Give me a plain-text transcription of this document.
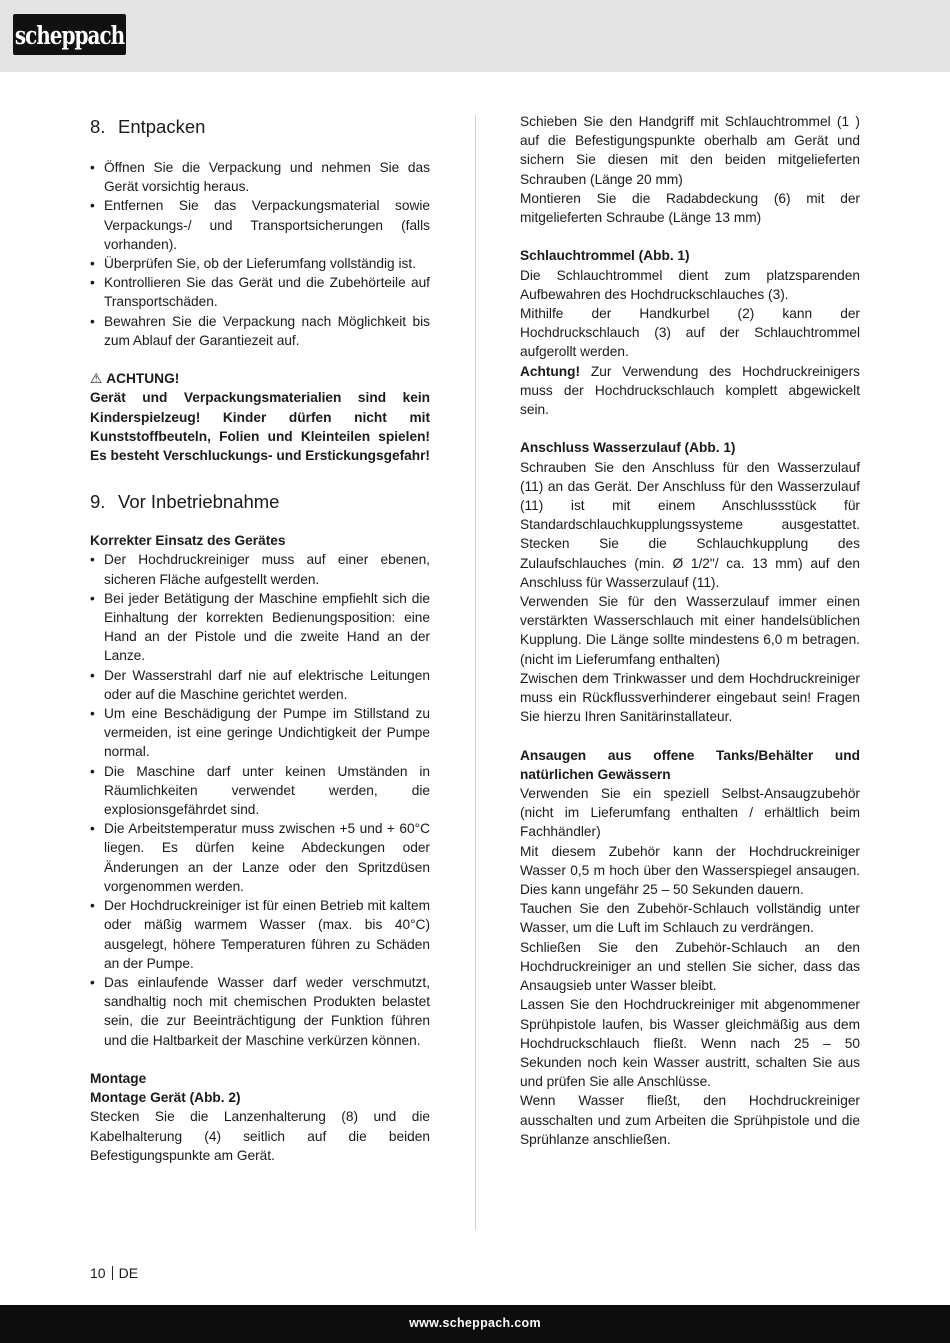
scheppach
8. Entpacken
• Öffnen Sie die Verpackung und nehmen Sie das Gerät vorsichtig heraus.
• Entfernen Sie das Verpackungsmaterial sowie Verpackungs-/ und Transportsicherungen (falls vorhanden).
• Überprüfen Sie, ob der Lieferumfang vollständig ist.
• Kontrollieren Sie das Gerät und die Zubehörteile auf Transportschäden.
• Bewahren Sie die Verpackung nach Möglichkeit bis zum Ablauf der Garantiezeit auf.

⚠ ACHTUNG!

Gerät und Verpackungsmaterialien sind kein Kinderspielzeug! Kinder dürfen nicht mit Kunststoffbeuteln, Folien und Kleinteilen spielen! Es besteht Verschluckungs- und Erstickungsgefahr!

9. Vor Inbetriebnahme

Korrekter Einsatz des Gerätes

• Der Hochdruckreiniger muss auf einer ebenen, sicheren Fläche aufgestellt werden.
• Bei jeder Betätigung der Maschine empfiehlt sich die Einhaltung der korrekten Bedienungsposition: eine Hand an der Pistole und die zweite Hand an der Lanze.
• Der Wasserstrahl darf nie auf elektrische Leitungen oder auf die Maschine gerichtet werden.
• Um eine Beschädigung der Pumpe im Stillstand zu vermeiden, ist eine geringe Undichtigkeit der Pumpe normal.
• Die Maschine darf unter keinen Umständen in Räumlichkeiten verwendet werden, die explosionsgefährdet sind.
• Die Arbeitstemperatur muss zwischen +5 und + 60°C liegen. Es dürfen keine Abdeckungen oder Änderungen an der Lanze oder den Spritzdüsen vorgenommen werden.
• Der Hochdruckreiniger ist für einen Betrieb mit kaltem oder mäßig warmem Wasser (max. bis 40°C) ausgelegt, höhere Temperaturen führen zu Schäden an der Pumpe.
• Das einlaufende Wasser darf weder verschmutzt, sandhaltig noch mit chemischen Produkten belastet sein, die zur Beeinträchtigung der Funktion führen und die Haltbarkeit der Maschine verkürzen können.

Montage

Montage Gerät (Abb. 2)

Stecken Sie die Lanzenhalterung (8) und die Kabelhalterung (4) seitlich auf die beiden Befestigungspunkte am Gerät.

Schieben Sie den Handgriff mit Schlauchtrommel (1 ) auf die Befestigungspunkte oberhalb am Gerät und sichern Sie diesen mit den beiden mitgelieferten Schrauben (Länge 20 mm)

Montieren Sie die Radabdeckung (6) mit der mitgelieferten Schraube (Länge 13 mm)

Schlauchtrommel (Abb. 1)

Die Schlauchtrommel dient zum platzsparenden Aufbewahren des Hochdruckschlauches (3).

Mithilfe der Handkurbel (2) kann der Hochdruckschlauch (3) auf der Schlauchtrommel aufgerollt werden.

Achtung! Zur Verwendung des Hochdruckreinigers muss der Hochdruckschlauch komplett abgewickelt sein.

Anschluss Wasserzulauf (Abb. 1)

Schrauben Sie den Anschluss für den Wasserzulauf (11) an das Gerät. Der Anschluss für den Wasserzulauf (11) ist mit einem Anschlussstück für Standardschlauchkupplungssysteme ausgestattet. Stecken Sie die Schlauchkupplung des Zulaufschlauches (min. Ø 1/2"/ ca. 13 mm) auf den Anschluss für Wasserzulauf (11).

Verwenden Sie für den Wasserzulauf immer einen verstärkten Wasserschlauch mit einer handelsüblichen Kupplung. Die Länge sollte mindestens 6,0 m betragen. (nicht im Lieferumfang enthalten)

Zwischen dem Trinkwasser und dem Hochdruckreiniger muss ein Rückflussverhinderer eingebaut sein! Fragen Sie hierzu Ihren Sanitärinstallateur.

Ansaugen aus offene Tanks/Behälter und natürlichen Gewässern

Verwenden Sie ein speziell Selbst-Ansaugzubehör (nicht im Lieferumfang enthalten / erhältlich beim Fachhändler)

Mit diesem Zubehör kann der Hochdruckreiniger Wasser 0,5 m hoch über den Wasserspiegel ansaugen. Dies kann ungefähr 25 – 50 Sekunden dauern.

Tauchen Sie den Zubehör-Schlauch vollständig unter Wasser, um die Luft im Schlauch zu verdrängen.

Schließen Sie den Zubehör-Schlauch an den Hochdruckreiniger an und stellen Sie sicher, dass das Ansaugsieb unter Wasser bleibt.

Lassen Sie den Hochdruckreiniger mit abgenommener Sprühpistole laufen, bis Wasser gleichmäßig aus dem Hochdruckschlauch fließt. Wenn nach 25 – 50 Sekunden noch kein Wasser austritt, schalten Sie aus und prüfen Sie alle Anschlüsse.

Wenn Wasser fließt, den Hochdruckreiniger ausschalten und zum Arbeiten die Sprühpistole und die Sprühlanze anschließen.

10 DE
www.scheppach.com
